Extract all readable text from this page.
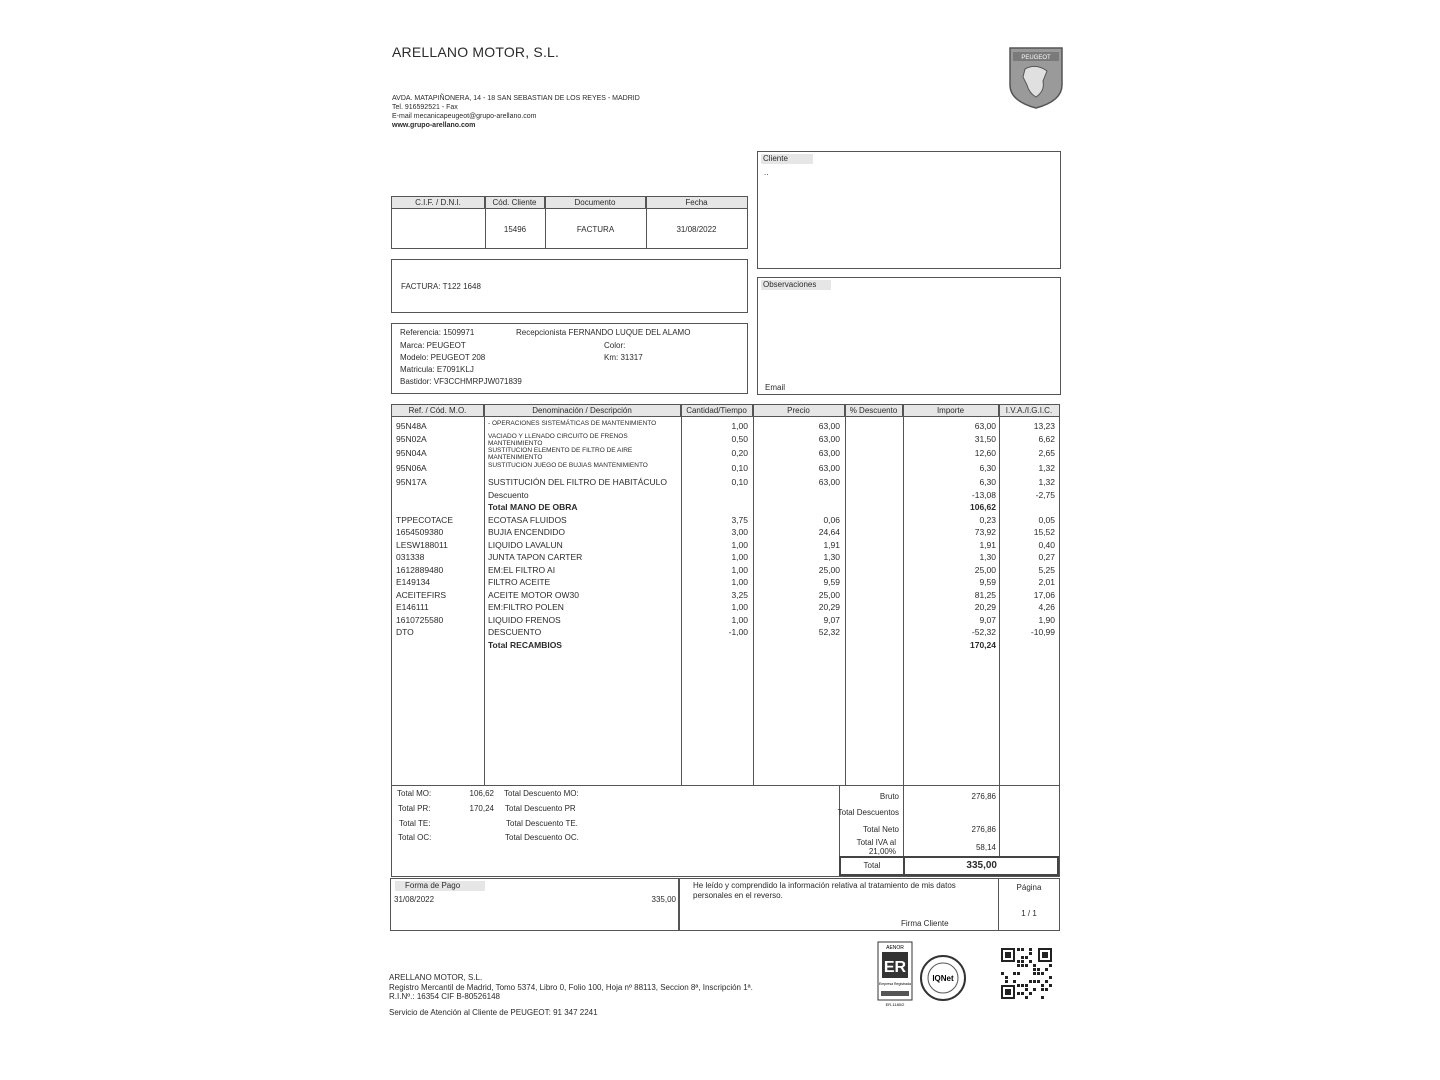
ARELLANO MOTOR, S.L.
AVDA. MATAPIÑONERA, 14 - 18 SAN SEBASTIAN DE LOS REYES - MADRID
Tel. 916592521 - Fax
E-mail mecanicapeugeot@grupo-arellano.com
www.grupo-arellano.com
PEUGEOT
Cliente
..
C.I.F. / D.N.I.	Cód. Cliente	Documento	Fecha
15496	FACTURA	31/08/2022
FACTURA: T122 1648	Observaciones
Email
Referencia: 1509971	Recepcionista FERNANDO LUQUE DEL ALAMO
Marca: PEUGEOT	Color:
Modelo: PEUGEOT 208	Km: 31317
Matricula: E7091KLJ
Bastidor: VF3CCHMRPJW071839
Ref. / Cód. M.O.	Denominación / Descripción	Cantidad/Tiempo	Precio	% Descuento	Importe	I.V.A./I.G.I.C.
95N48A	- OPERACIONES SISTEMÁTICAS DE MANTENIMIENTO	1,00	63,00	63,00	13,23
95N02A	VACIADO Y LLENADO CIRCUITO DE FRENOS MANTENIMIENTO	0,50	63,00	31,50	6,62
95N04A	SUSTITUCION ELEMENTO DE FILTRO DE AIRE MANTENIMIENTO	0,20	63,00	12,60	2,65
95N06A	SUSTITUCION JUEGO DE BUJIAS MANTENIMIENTO	0,10	63,00	6,30	1,32
95N17A	SUSTITUCIÓN DEL FILTRO DE HABITÁCULO	0,10	63,00	6,30	1,32
Descuento	-13,08	-2,75
Total MANO DE OBRA	106,62
TPPECOTACE	ECOTASA FLUIDOS	3,75	0,06	0,23	0,05
1654509380	BUJIA ENCENDIDO	3,00	24,64	73,92	15,52
LESW188011	LIQUIDO LAVALUN	1,00	1,91	1,91	0,40
031338	JUNTA TAPON CARTER	1,00	1,30	1,30	0,27
1612889480	EM:EL FILTRO AI	1,00	25,00	25,00	5,25
E149134	FILTRO ACEITE	1,00	9,59	9,59	2,01
ACEITEFIRS	ACEITE MOTOR OW30	3,25	25,00	81,25	17,06
E146111	EM:FILTRO POLEN	1,00	20,29	20,29	4,26
1610725580	LIQUIDO FRENOS	1,00	9,07	9,07	1,90
DTO	DESCUENTO	-1,00	52,32	-52,32	-10,99
Total RECAMBIOS	170,24
Total MO:	106,62 Total Descuento MO:
Total PR:	170,24 Total Descuento PR
Total TE:	Total Descuento TE.
Total OC:	Total Descuento OC.
Bruto	276,86
Total Descuentos
Total Neto	276,86
Total IVA al
21,00%	58,14
Total	335,00
Forma de Pago
31/08/2022	335,00
He leído y comprendido la información relativa al tratamiento de mis datos personales en el reverso.
Firma Cliente
Página
1 / 1
AENOR
ER
Empresa Registrada
ER-1180/2
IQNet
ARELLANO MOTOR, S.L.
Registro Mercantil de Madrid, Tomo 5374, Libro 0, Folio 100, Hoja nº 88113, Seccion 8ª, Inscripción 1ª.
R.I.Nº.: 16354 CIF B-80526148
Servicio de Atención al Cliente de PEUGEOT: 91 347 2241
